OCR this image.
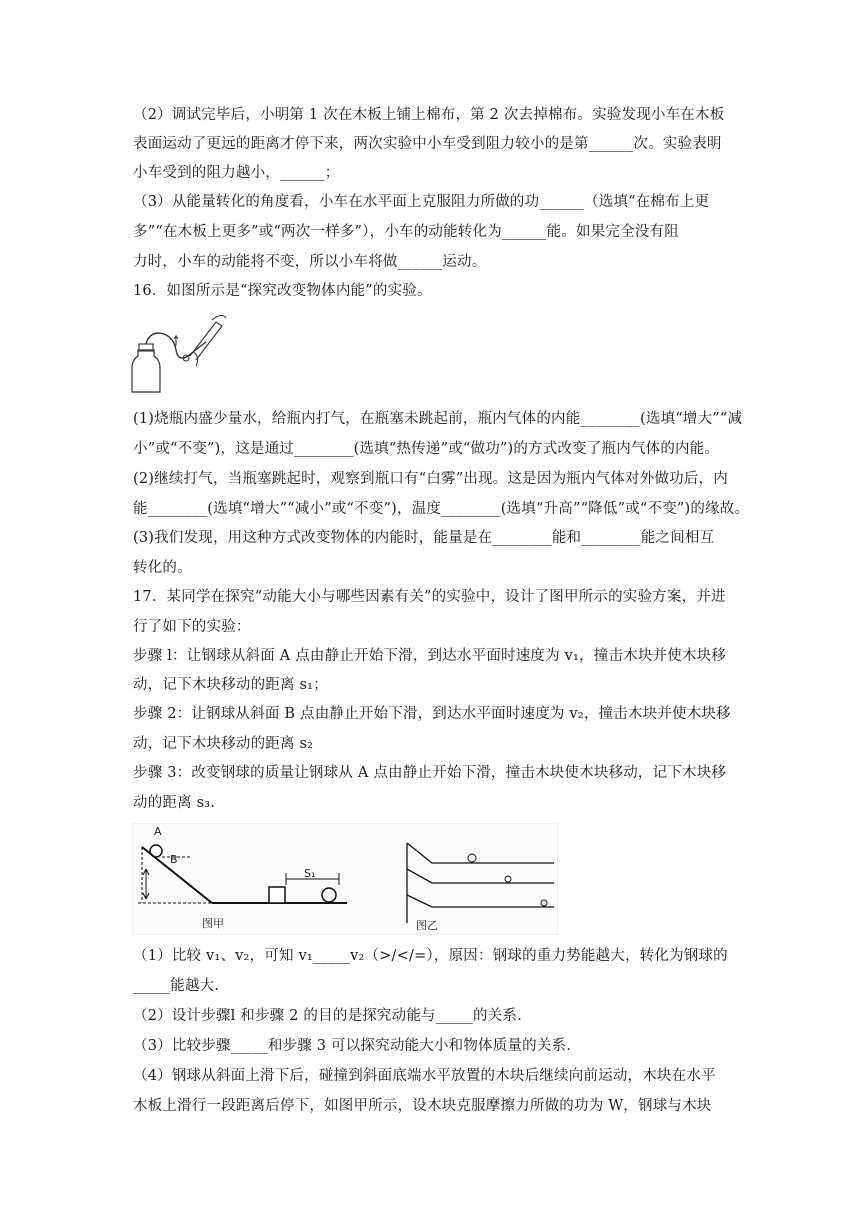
（2）调试完毕后，小明第 1 次在木板上铺上棉布，第 2 次去掉棉布。实验发现小车在木板
表面运动了更远的距离才停下来，两次实验中小车受到阻力较小的是第______次。实验表明
小车受到的阻力越小，______；
（3）从能量转化的角度看，小车在水平面上克服阻力所做的功______（选填“在棉布上更
多”“在木板上更多”或“两次一样多”），小车的动能转化为______能。如果完全没有阻
力时，小车的动能将不变，所以小车将做______运动。
16．如图所示是“探究改变物体内能”的实验。
(1)烧瓶内盛少量水，给瓶内打气，在瓶塞未跳起前，瓶内气体的内能________(选填“增大”“减
小”或“不变”)，这是通过________(选填“热传递”或“做功”)的方式改变了瓶内气体的内能。
(2)继续打气，当瓶塞跳起时，观察到瓶口有“白雾”出现。这是因为瓶内气体对外做功后，内
能________(选填“增大”“减小”或“不变”)，温度________(选填“升高”“降低”或“不变”)的缘故。
(3)我们发现，用这种方式改变物体的内能时，能量是在________能和________能之间相互
转化的。
17．某同学在探究“动能大小与哪些因素有关”的实验中，设计了图甲所示的实验方案，并进
行了如下的实验：
步骤 l：让钢球从斜面 A 点由静止开始下滑，到达水平面时速度为 v₁，撞击木块并使木块移
动，记下木块移动的距离 s₁；
步骤 2：让钢球从斜面 B 点由静止开始下滑，到达水平面时速度为 v₂，撞击木块并使木块移
动，记下木块移动的距离 s₂
步骤 3：改变钢球的质量让钢球从 A 点由静止开始下滑，撞击木块使木块移动，记下木块移
动的距离 s₃.
A
B
S₁
图甲	图乙
（1）比较 v₁、v₂，可知 v₁_____v₂（>/</=），原因：钢球的重力势能越大，转化为钢球的
_____能越大.
（2）设计步骤l 和步骤 2 的目的是探究动能与_____的关系.
（3）比较步骤_____和步骤 3 可以探究动能大小和物体质量的关系.
（4）钢球从斜面上滑下后，碰撞到斜面底端水平放置的木块后继续向前运动，木块在水平
木板上滑行一段距离后停下，如图甲所示，设木块克服摩擦力所做的功为 W，钢球与木块
